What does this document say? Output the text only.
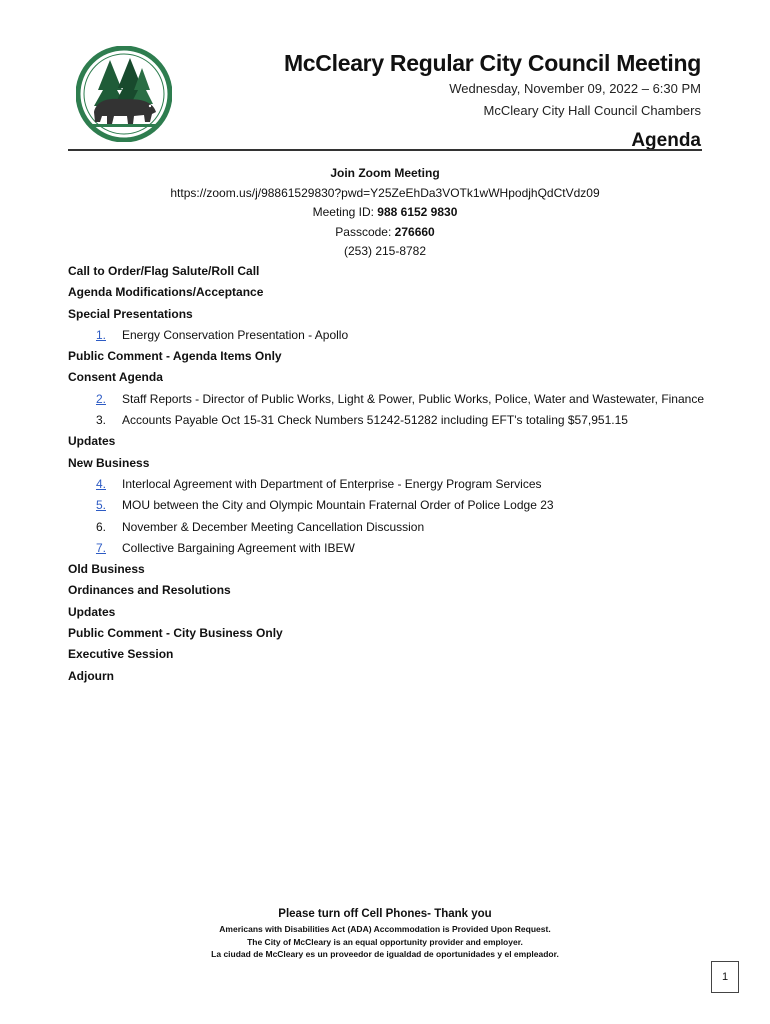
McCleary Regular City Council Meeting
Wednesday, November 09, 2022 – 6:30 PM
McCleary City Hall Council Chambers
Agenda
Join Zoom Meeting
https://zoom.us/j/98861529830?pwd=Y25ZeEhDa3VOTk1wWHpodjhQdCtVdz09
Meeting ID: 988 6152 9830
Passcode: 276660
(253) 215-8782
Call to Order/Flag Salute/Roll Call
Agenda Modifications/Acceptance
Special Presentations
1.	Energy Conservation Presentation - Apollo
Public Comment - Agenda Items Only
Consent Agenda
2.	Staff Reports - Director of Public Works, Light & Power, Public Works, Police, Water and Wastewater, Finance
3.	Accounts Payable Oct 15-31 Check Numbers 51242-51282 including EFT's totaling $57,951.15
Updates
New Business
4.	Interlocal Agreement with Department of Enterprise - Energy Program Services
5.	MOU between the City and Olympic Mountain Fraternal Order of Police Lodge 23
6.	November & December Meeting Cancellation Discussion
7.	Collective Bargaining Agreement with IBEW
Old Business
Ordinances and Resolutions
Updates
Public Comment - City Business Only
Executive Session
Adjourn
Please turn off Cell Phones- Thank you
Americans with Disabilities Act (ADA) Accommodation is Provided Upon Request.
The City of McCleary is an equal opportunity provider and employer.
La ciudad de McCleary es un proveedor de igualdad de oportunidades y el empleador.
1
